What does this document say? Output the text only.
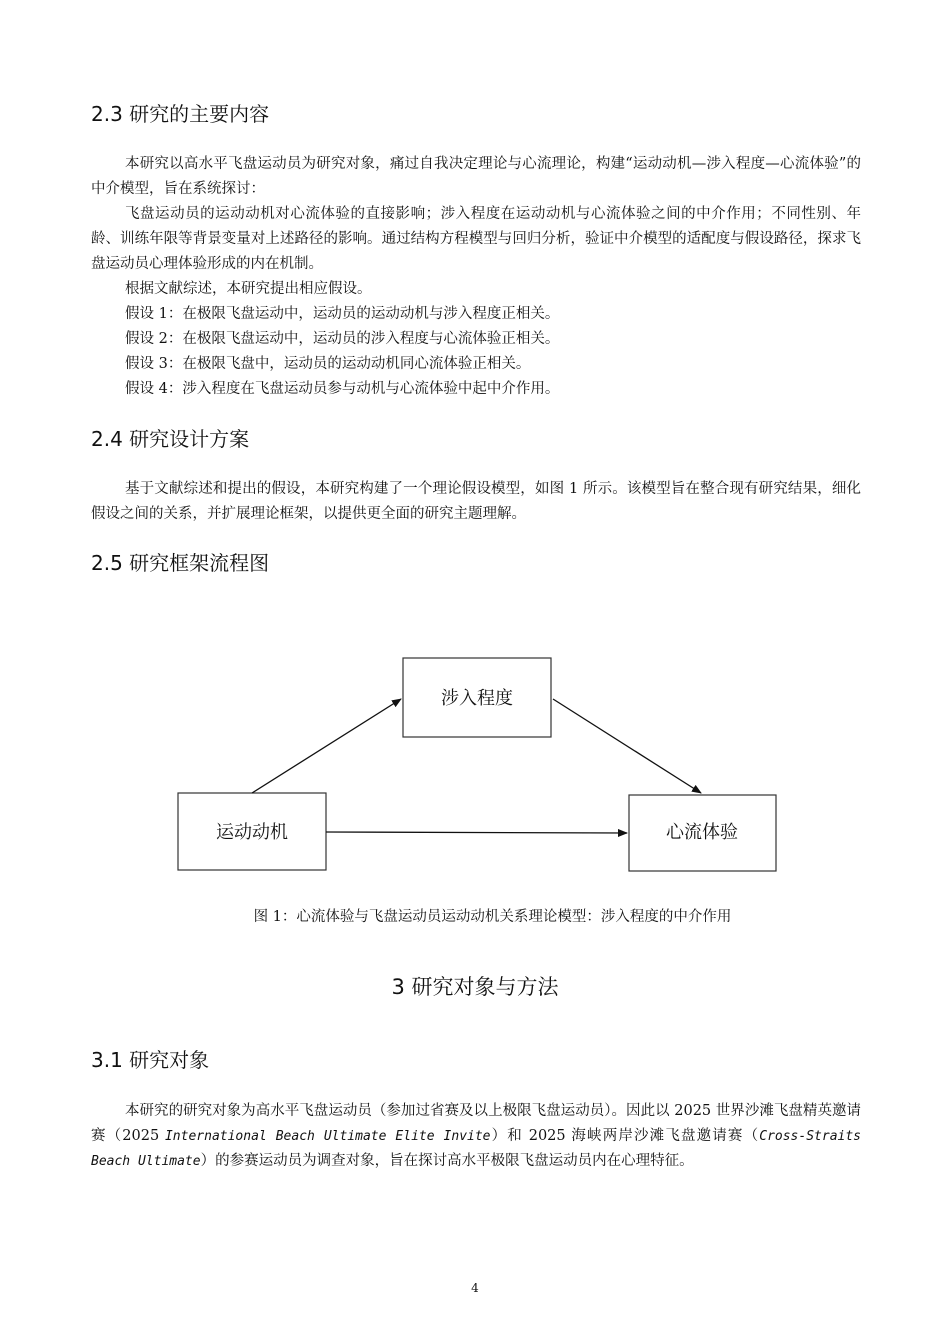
2.3 研究的主要内容

本研究以高水平飞盘运动员为研究对象，痛过自我决定理论与心流理论，构建“运动动机—涉入程度—心流体验”的中介模型，旨在系统探讨：

飞盘运动员的运动动机对心流体验的直接影响；涉入程度在运动动机与心流体验之间的中介作用；不同性别、年龄、训练年限等背景变量对上述路径的影响。通过结构方程模型与回归分析，验证中介模型的适配度与假设路径，探求飞盘运动员心理体验形成的内在机制。

根据文献综述，本研究提出相应假设。

假设 1：在极限飞盘运动中，运动员的运动动机与涉入程度正相关。

假设 2：在极限飞盘运动中，运动员的涉入程度与心流体验正相关。

假设 3：在极限飞盘中，运动员的运动动机同心流体验正相关。

假设 4：涉入程度在飞盘运动员参与动机与心流体验中起中介作用。

2.4 研究设计方案

基于文献综述和提出的假设，本研究构建了一个理论假设模型，如图 1 所示。该模型旨在整合现有研究结果，细化假设之间的关系，并扩展理论框架，以提供更全面的研究主题理解。

2.5 研究框架流程图
涉入程度
运动动机	心流体验
图 1：心流体验与飞盘运动员运动动机关系理论模型：涉入程度的中介作用
3 研究对象与方法
3.1 研究对象

本研究的研究对象为高水平飞盘运动员（参加过省赛及以上极限飞盘运动员）。因此以 2025 世界沙滩飞盘精英邀请赛（2025 International Beach Ultimate Elite Invite）和 2025 海峡两岸沙滩飞盘邀请赛（Cross-Straits Beach Ultimate）的参赛运动员为调查对象，旨在探讨高水平极限飞盘运动员内在心理特征。

4
